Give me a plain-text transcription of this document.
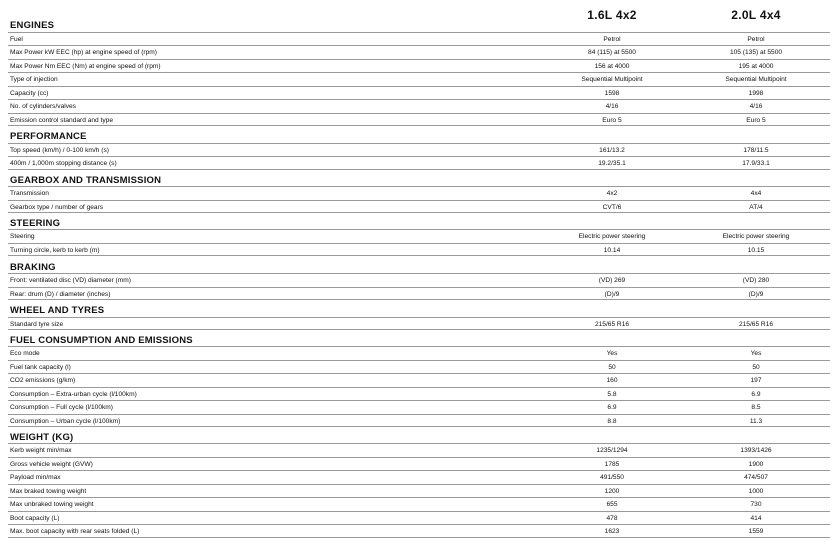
1.6L 4x2	2.0L 4x4
ENGINES
Fuel	Petrol	Petrol
Max Power kW EEC (hp) at engine speed of (rpm)	84 (115) at 5500	105 (135) at 5500
Max Power Nm EEC (Nm) at engine speed of (rpm)	156 at 4000	195 at 4000
Type of injection	Sequential Multipoint	Sequential Multipoint
Capacity (cc)	1598	1998
No. of cylinders/valves	4/16	4/16
Emission control standard and type	Euro 5	Euro 5
PERFORMANCE
Top speed (km/h) / 0-100 km/h (s)	161/13.2	178/11.5
400m / 1,000m stopping distance (s)	19.2/35.1	17.9/33.1
GEARBOX AND TRANSMISSION
Transmission	4x2	4x4
Gearbox type / number of gears	CVT/6	AT/4
STEERING
Steering	Electric power steering	Electric power steering
Turning circle, kerb to kerb (m)	10.14	10.15
BRAKING
Front: ventilated disc (VD) diameter (mm)	(VD) 269	(VD) 280
Rear: drum (D) / diameter (inches)	(D)/9	(D)/9
WHEEL AND TYRES
Standard tyre size	215/65 R16	215/65 R16
FUEL CONSUMPTION AND EMISSIONS
Eco mode	Yes	Yes
Fuel tank capacity (l)	50	50
CO2 emissions (g/km)	160	197
Consumption – Extra-urban cycle (l/100km)	5.8	6.9
Consumption – Full cycle (l/100km)	6.9	8.5
Consumption – Urban cycle (l/100km)	8.8	11.3
WEIGHT (KG)
Kerb weight min/max	1235/1294	1393/1426
Gross vehicle weight (GVW)	1785	1900
Payload min/max	491/550	474/507
Max braked towing weight	1200	1000
Max unbraked towing weight	655	730
Boot capacity (L)	478	414
Max. boot capacity with rear seats folded (L)	1623	1559
